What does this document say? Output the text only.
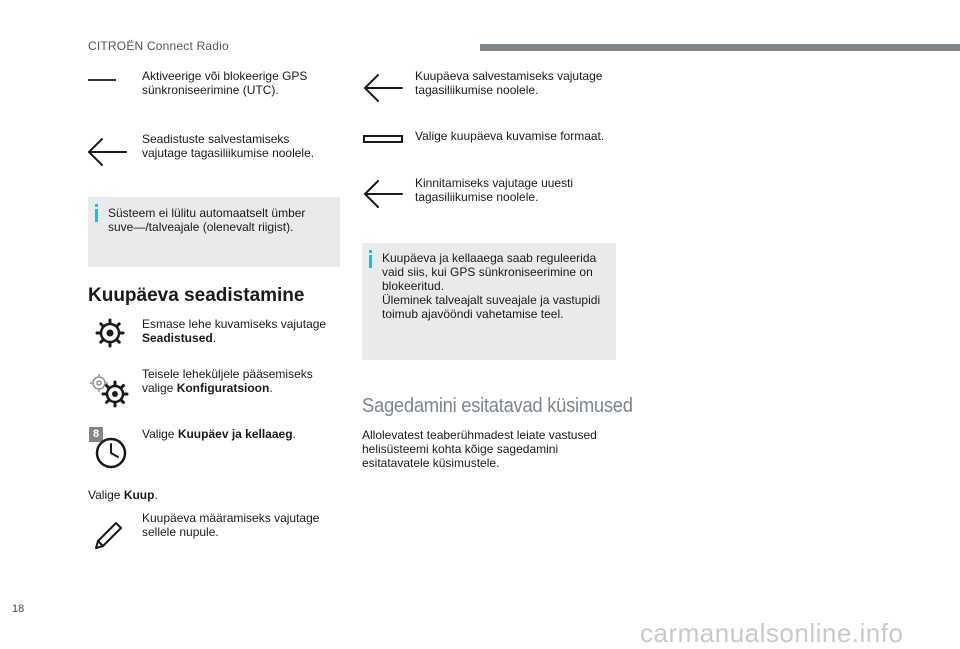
CITROËN Connect Radio
Aktiveerige või blokeerige GPS
sünkroniseerimine (UTC).
Seadistuste salvestamiseks
vajutage tagasiliikumise noolele.
Süsteem ei lülitu automaatselt ümber
suve—/talveajale (olenevalt riigist).
Kuupäeva seadistamine
Esmase lehe kuvamiseks vajutage
Seadistused.
Teisele leheküljele pääsemiseks
valige Konfiguratsioon.
8	Valige Kuupäev ja kellaaeg.
Valige Kuup.
Kuupäeva määramiseks vajutage
sellele nupule.
Kuupäeva salvestamiseks vajutage
tagasiliikumise noolele.
Valige kuupäeva kuvamise formaat.
Kinnitamiseks vajutage uuesti
tagasiliikumise noolele.
Kuupäeva ja kellaaega saab reguleerida
vaid siis, kui GPS sünkroniseerimine on
blokeeritud.
Üleminek talveajalt suveajale ja vastupidi
toimub ajavööndi vahetamise teel.
Sagedamini esitatavad küsimused
Allolevatest teaberühmadest leiate vastused
helisüsteemi kohta kõige sagedamini
esitatavatele küsimustele.
18
carmanualsonline.info
